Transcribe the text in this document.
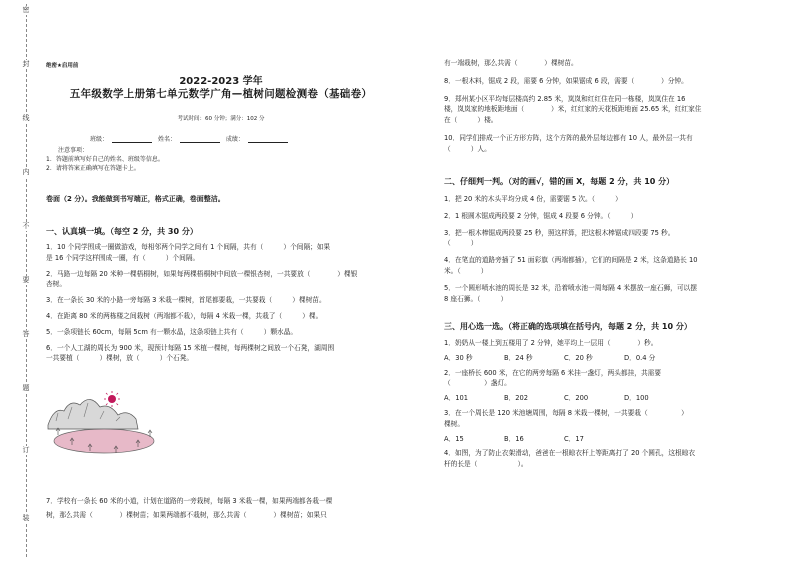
密
封
线
内
不
要
答
题
订
装
绝密★启用前
2022-2023 学年
五年级数学上册第七单元数学广角—植树问题检测卷（基础卷）
考试时间：60 分钟；满分：102 分
班级：	姓名：	成绩：
注意事项：
1．答题前填写好自己的姓名、班级等信息。
2．请将答案正确填写在答题卡上。
卷面（2 分）。我能做到书写端正，格式正确，卷面整洁。
一、认真填一填。（每空 2 分，共 30 分）
1．10 个同学围成一圈做游戏，每相邻两个同学之间有 1 个间隔，共有（　　　）个间隔；如果
是 16 个同学这样围成一圈，有（　　　）个间隔。
2．马路一边每隔 20 米种一棵梧桐树，如果每两棵梧桐树中间放一棵银杏树，一共要放（　　　　）棵银
杏树。
3．在一条长 30 米的小路一旁每隔 3 米栽一棵树，首尾都要栽，一共要栽（　　　）棵树苗。
4．在距离 80 米的两栋楼之间栽树（两端都不栽），每隔 4 米栽一棵，共栽了（　　　）棵。
5．一条项链长 60cm，每隔 5cm 有一颗水晶，这条项链上共有（　　　）颗水晶。
6．一个人工湖的周长为 900 米，现预计每隔 15 米植一棵树，每两棵树之间放一个石凳，湖周围
一共要植（　　　）棵树，放（　　　）个石凳。
7．学校有一条长 60 米的小道，计划在道路的一旁栽树，每隔 3 米栽一棵，如果两端都各栽一棵
树，那么共需（　　　　）棵树苗；如果两端都不栽树，那么共需（　　　　）棵树苗；如果只
有一端栽树，那么共需（　　　　）棵树苗。
8．一根木料，锯成 2 段，需要 6 分钟，如果锯成 6 段，需要（　　　　）分钟。
9．郑州某小区平均每层楼高约 2.85 米，岚岚和红红住在同一栋楼，岚岚住在 16
楼，岚岚家的地板距地面（　　　　）米，红红家的天花板距地面 25.65 米，红红家住
在（　　　）楼。
10．同学们排成一个正方形方阵，这个方阵的最外层每边都有 10 人，最外层一共有
（　　　）人。
二、仔细判一判。（对的画√，错的画 X，每题 2 分，共 10 分）
1．把 20 米的木头平均分成 4 份，需要锯 5 次。（　　　）
2．1 根圆木锯成两段要 2 分钟，锯成 4 段要 6 分钟。（　　　）
3．把一根木棒锯成两段要 25 秒，照这样算，把这根木棒锯成四段要 75 秒。
（　　　）
4．在笔直的道路旁插了 51 面彩旗（两端都插），它们的间隔是 2 米，这条道路长 10
米。（　　　）
5．一个圆形喷水池的周长是 32 米，沿着喷水池一周每隔 4 米摆放一座石狮，可以摆
8 座石狮。（　　　）
三、用心选一选。（将正确的选项填在括号内，每题 2 分，共 10 分）
1．奶奶从一楼上到五楼用了 2 分钟，她平均上一层用（　　　　）秒。
A．30 秒	B．24 秒	C．20 秒	D．0.4 分
2．一座桥长 600 米，在它的两旁每隔 6 米挂一盏灯，两头都挂，共需要
（　　　　　）盏灯。
A．101	B．202	C．200	D．100
3．在一个周长是 120 米池塘周围，每隔 8 米栽一棵树，一共要栽（　　　　　）
棵树。
A．15	B．16	C．17
4．如图，为了防止衣架滑动，爸爸在一根晾衣杆上等距离打了 20 个圆孔，这根晾衣
杆的长是（　　　　　　）。
